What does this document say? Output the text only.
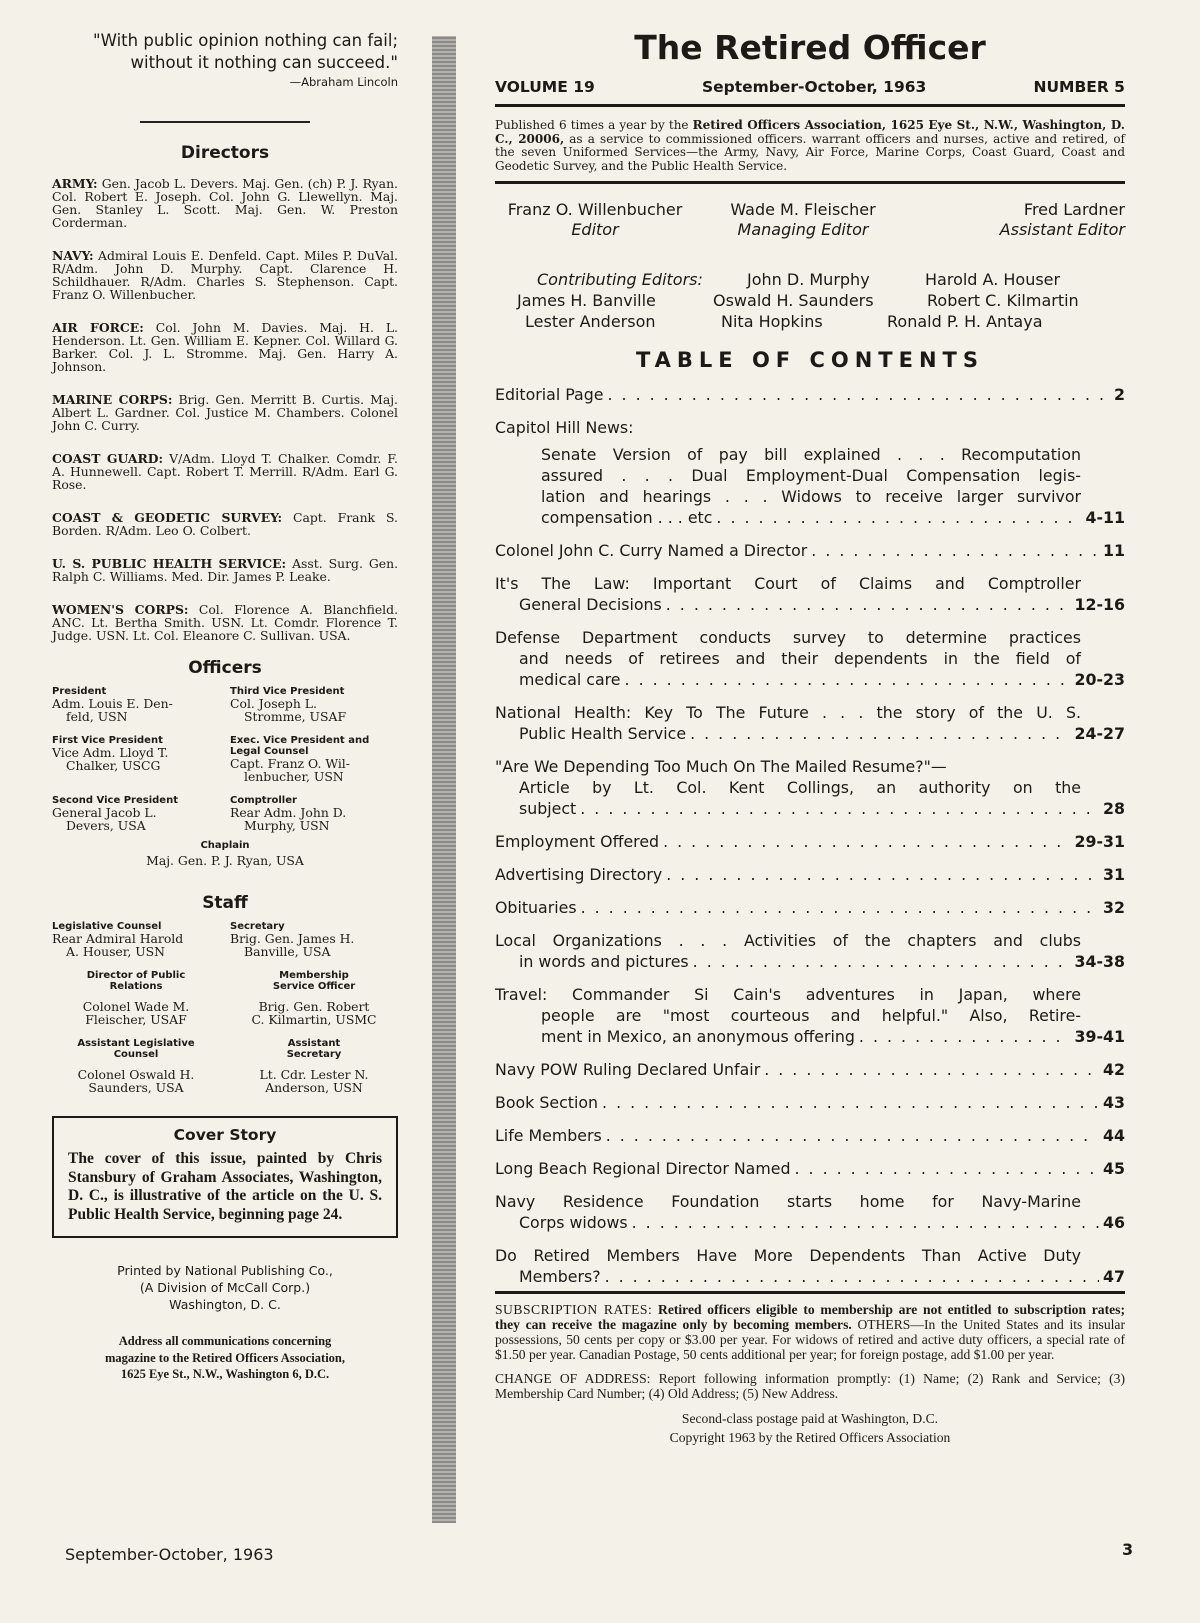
"With public opinion nothing can fail; without it nothing can succeed."
—Abraham Lincoln
Directors
ARMY: Gen. Jacob L. Devers. Maj. Gen. (ch) P. J. Ryan. Col. Robert E. Joseph. Col. John G. Llewellyn. Maj. Gen. Stanley L. Scott. Maj. Gen. W. Preston Corderman.
NAVY: Admiral Louis E. Denfeld. Capt. Miles P. DuVal. R/Adm. John D. Murphy. Capt. Clarence H. Schildhauer. R/Adm. Charles S. Stephenson. Capt. Franz O. Willenbucher.
AIR FORCE: Col. John M. Davies. Maj. H. L. Henderson. Lt. Gen. William E. Kepner. Col. Willard G. Barker. Col. J. L. Stromme. Maj. Gen. Harry A. Johnson.
MARINE CORPS: Brig. Gen. Merritt B. Curtis. Maj. Albert L. Gardner. Col. Justice M. Chambers. Colonel John C. Curry.
COAST GUARD: V/Adm. Lloyd T. Chalker. Comdr. F. A. Hunnewell. Capt. Robert T. Merrill. R/Adm. Earl G. Rose.
COAST & GEODETIC SURVEY: Capt. Frank S. Borden. R/Adm. Leo O. Colbert.
U. S. PUBLIC HEALTH SERVICE: Asst. Surg. Gen. Ralph C. Williams. Med. Dir. James P. Leake.
WOMEN'S CORPS: Col. Florence A. Blanchfield. ANC. Lt. Bertha Smith. USN. Lt. Comdr. Florence T. Judge. USN. Lt. Col. Eleanore C. Sullivan. USA.
Officers
President
Adm. Louis E. Den-
feld, USN
Third Vice President
Col. Joseph L.
Stromme, USAF
First Vice President
Vice Adm. Lloyd T.
Chalker, USCG
Exec. Vice President and Legal Counsel
Capt. Franz O. Wil-
lenbucher, USN
Second Vice President
General Jacob L.
Devers, USA
Comptroller
Rear Adm. John D.
Murphy, USN
Chaplain
Maj. Gen. P. J. Ryan, USA
Staff
Legislative Counsel
Rear Admiral Harold
A. Houser, USN
Secretary
Brig. Gen. James H.
Banville, USA
Director of Public Relations
Colonel Wade M.
Fleischer, USAF
Membership Service Officer
Brig. Gen. Robert
C. Kilmartin, USMC
Assistant Legislative Counsel
Colonel Oswald H.
Saunders, USA
Assistant Secretary
Lt. Cdr. Lester N.
Anderson, USN
Cover Story
The cover of this issue, painted by Chris Stansbury of Graham Associates, Washington, D. C., is illustrative of the article on the U. S. Public Health Service, beginning page 24.
Printed by National Publishing Co.,
(A Division of McCall Corp.)
Washington, D. C.
Address all communications concerning
magazine to the Retired Officers Association,
1625 Eye St., N.W., Washington 6, D.C.
September-October, 1963	3
The Retired Officer
VOLUME 19	September-October, 1963	NUMBER 5
Published 6 times a year by the Retired Officers Association, 1625 Eye St., N.W., Washington, D. C., 20006, as a service to commissioned officers. warrant officers and nurses, active and retired, of the seven Uniformed Services—the Army, Navy, Air Force, Marine Corps, Coast Guard, Coast and Geodetic Survey, and the Public Health Service.
Franz O. Willenbucher
Editor
Wade M. Fleischer
Managing Editor
Fred Lardner
Assistant Editor
Contributing Editors:	John D. Murphy	Harold A. Houser
James H. Banville	Oswald H. Saunders	Robert C. Kilmartin
Lester Anderson	Nita Hopkins	Ronald P. H. Antaya
TABLE OF CONTENTS
Editorial Page . . .	2
Capitol Hill News:
Senate Version of pay bill explained . . . Recomputation
assured . . . Dual Employment-Dual Compensation legis-
lation and hearings . . . Widows to receive larger survivor
compensation . . . etc . . .	4-11
Colonel John C. Curry Named a Director . . .	11
It's The Law: Important Court of Claims and Comptroller
General Decisions . . .	12-16
Defense Department conducts survey to determine practices
and needs of retirees and their dependents in the field of
medical care . . .	20-23
National Health: Key To The Future . . . the story of the U. S.
Public Health Service . . .	24-27
"Are We Depending Too Much On The Mailed Resume?"—
Article by Lt. Col. Kent Collings, an authority on the
subject . . .	28
Employment Offered . . .	29-31
Advertising Directory . . .	31
Obituaries . . .	32
Local Organizations . . . Activities of the chapters and clubs
in words and pictures . . .	34-38
Travel: Commander Si Cain's adventures in Japan, where
people are "most courteous and helpful." Also, Retire-
ment in Mexico, an anonymous offering . . .	39-41
Navy POW Ruling Declared Unfair . . .	42
Book Section . . .	43
Life Members . . .	44
Long Beach Regional Director Named . . .	45
Navy Residence Foundation starts home for Navy-Marine
Corps widows . . .	46
Do Retired Members Have More Dependents Than Active Duty
Members? . . .	47
SUBSCRIPTION RATES: Retired officers eligible to membership are not entitled to subscription rates; they can receive the magazine only by becoming members. OTHERS—In the United States and its insular possessions, 50 cents per copy or $3.00 per year. For widows of retired and active duty officers, a special rate of $1.50 per year. Canadian Postage, 50 cents additional per year; for foreign postage, add $1.00 per year.
CHANGE OF ADDRESS: Report following information promptly: (1) Name; (2) Rank and Service; (3) Membership Card Number; (4) Old Address; (5) New Address.
Second-class postage paid at Washington, D.C.
Copyright 1963 by the Retired Officers Association
